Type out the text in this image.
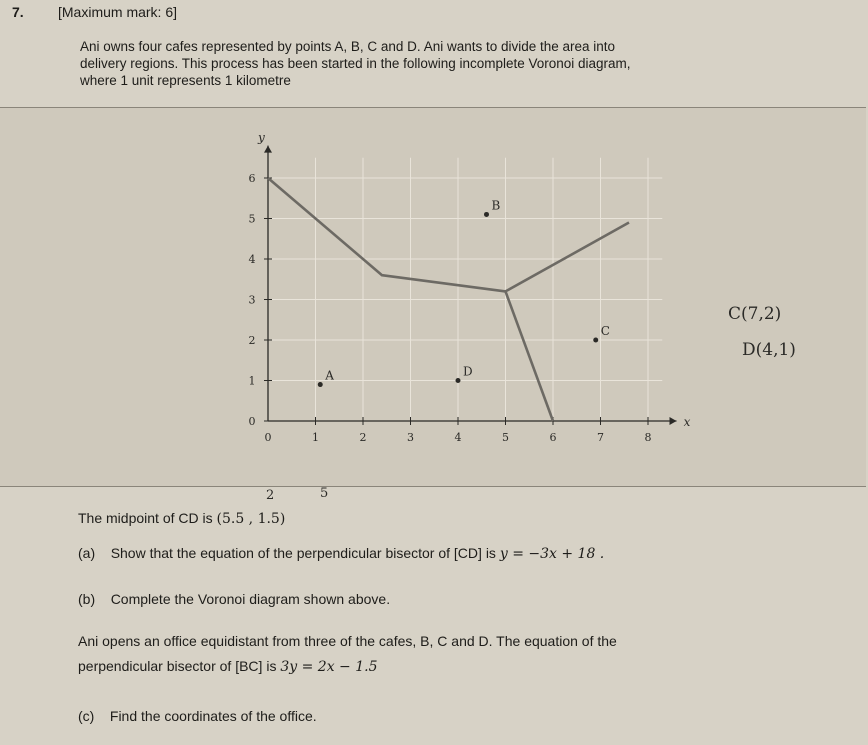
7. [Maximum mark: 6]
Ani owns four cafes represented by points A, B, C and D. Ani wants to divide the area into
delivery regions. This process has been started in the following incomplete Voronoi diagram,
where 1 unit represents 1 kilometre
x
y
0	1	2	3	4	5	6	7	8
0
1
2
3
4
5
6
A
B
C
D
C(7,2)
D(4,1)
The midpoint of CD is (5.5 , 1.5)
2	5
(a) Show that the equation of the perpendicular bisector of [CD] is y = −3x + 18 .
(b) Complete the Voronoi diagram shown above.
Ani opens an office equidistant from three of the cafes, B, C and D. The equation of the
perpendicular bisector of [BC] is 3y = 2x − 1.5
(c) Find the coordinates of the office.
